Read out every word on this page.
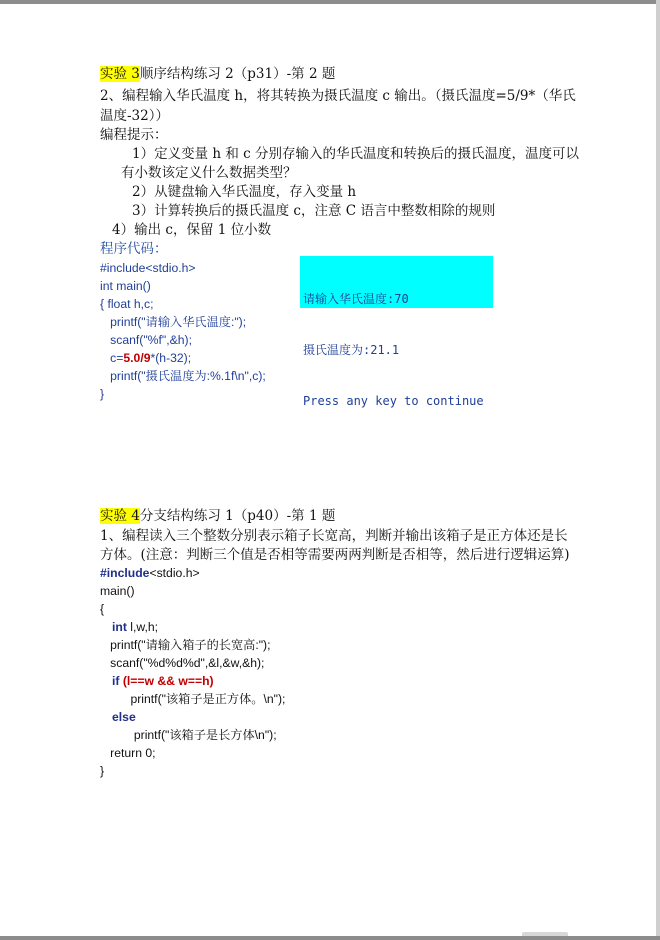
实验 3顺序结构练习 2（p31）-第 2 题
2、编程输入华氏温度 h，将其转换为摄氏温度 c 输出。（摄氏温度=5/9*（华氏
温度-32））
编程提示：
1）定义变量 h 和 c 分别存输入的华氏温度和转换后的摄氏温度，温度可以
有小数该定义什么数据类型？
2）从键盘输入华氏温度，存入变量 h
3）计算转换后的摄氏温度 c，注意 C 语言中整数相除的规则
4）输出 c，保留 1 位小数
程序代码：
#include<stdio.h>
int main()
{ float h,c;
printf("请输入华氏温度:");
scanf("%f",&h);
c=5.0/9*(h-32);
printf("摄氏温度为:%.1f\n",c);
}

请输入华氏温度:70

摄氏温度为:21.1

Press any key to continue

实验 4分支结构练习 1（p40）-第 1 题
1、编程读入三个整数分别表示箱子长宽高，判断并输出该箱子是正方体还是长
方体。(注意：判断三个值是否相等需要两两判断是否相等，然后进行逻辑运算)
#include<stdio.h>
main()
{
int l,w,h;
printf("请输入箱子的长宽高:");
scanf("%d%d%d",&l,&w,&h);
if (l==w && w==h)
printf("该箱子是正方体。\n");
else
printf("该箱子是长方体\n");
return 0;
}
